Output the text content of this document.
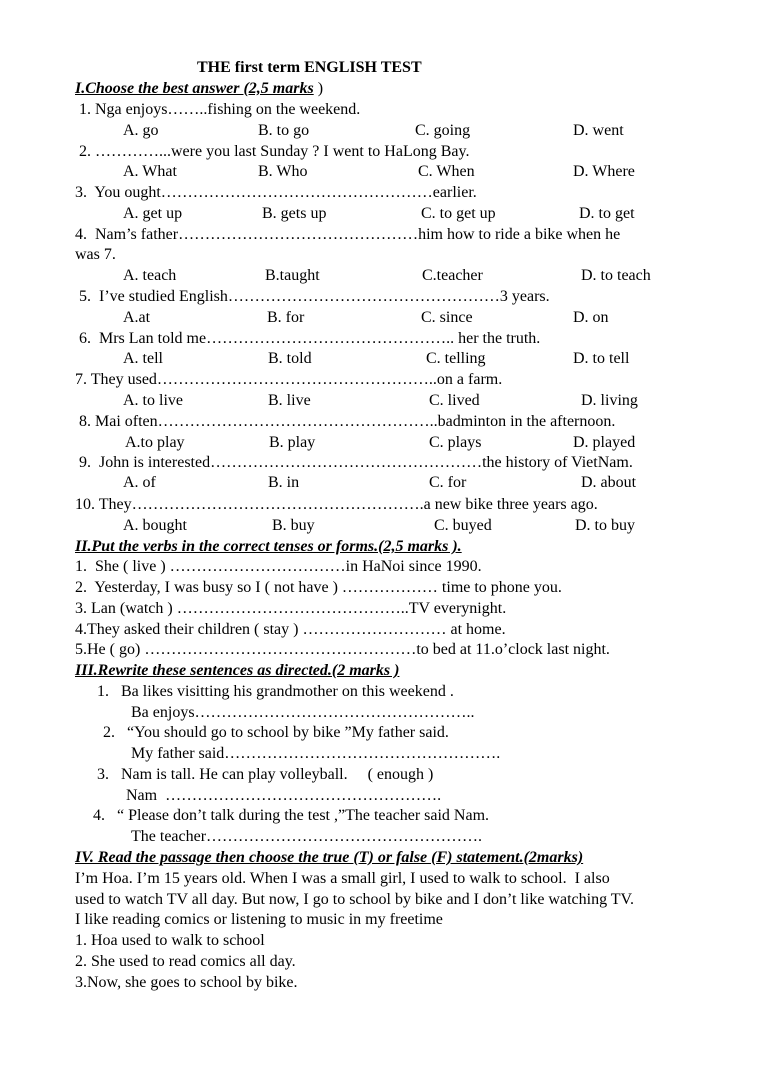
THE first term ENGLISH TEST
I.Choose the best answer (2,5 marks )
1. Nga enjoys……..fishing on the weekend.
A. go	B. to go	C. going	D. went
2. …………...were you last Sunday ? I went to HaLong Bay.
A. What	B. Who	C. When	D. Where
3.  You ought……………………………………………earlier.
A. get up	B. gets up	C. to get up	D. to get
4.  Nam’s father………………………………………him how to ride a bike when he
was 7.
A. teach	B.taught	C.teacher	D. to teach
5.  I’ve studied English……………………………………………3 years.
A.at	B. for	C. since	D. on
6.  Mrs Lan told me……………………………………….. her the truth.
A. tell	B. told	C. telling	D. to tell
7. They used……………………………………………..on a farm.
A. to live	B. live	C. lived	D. living
8. Mai often……………………………………………..badminton in the afternoon.
A.to play	B. play	C. plays	D. played
9.  John is interested……………………………………………the history of VietNam.
A. of	B. in	C. for	D. about
10. They……………………………………………….a new bike three years ago.
A. bought	B. buy	C. buyed	D. to buy
II.Put the verbs in the correct tenses or forms.(2,5 marks ).
1.  She ( live ) ……………………………in HaNoi since 1990.
2.  Yesterday, I was busy so I ( not have ) ……………… time to phone you.
3. Lan (watch ) ……………………………………..TV everynight.
4.They asked their children ( stay ) ……………………… at home.
5.He ( go) ……………………………………………to bed at 11.o’clock last night.
III.Rewrite these sentences as directed.(2 marks )
1.   Ba likes visitting his grandmother on this weekend .
Ba enjoys……………………………………………..
2.   “You should go to school by bike ”My father said.
My father said…………………………………………….
3.   Nam is tall. He can play volleyball.     ( enough )
Nam  …………………………………………….
4.   “ Please don’t talk during the test ,”The teacher said Nam.
The teacher…………………………………………….
IV. Read the passage then choose the true (T) or false (F) statement.(2marks)
I’m Hoa. I’m 15 years old. When I was a small girl, I used to walk to school.  I also
used to watch TV all day. But now, I go to school by bike and I don’t like watching TV.
I like reading comics or listening to music in my freetime
1. Hoa used to walk to school
2. She used to read comics all day.
3.Now, she goes to school by bike.
